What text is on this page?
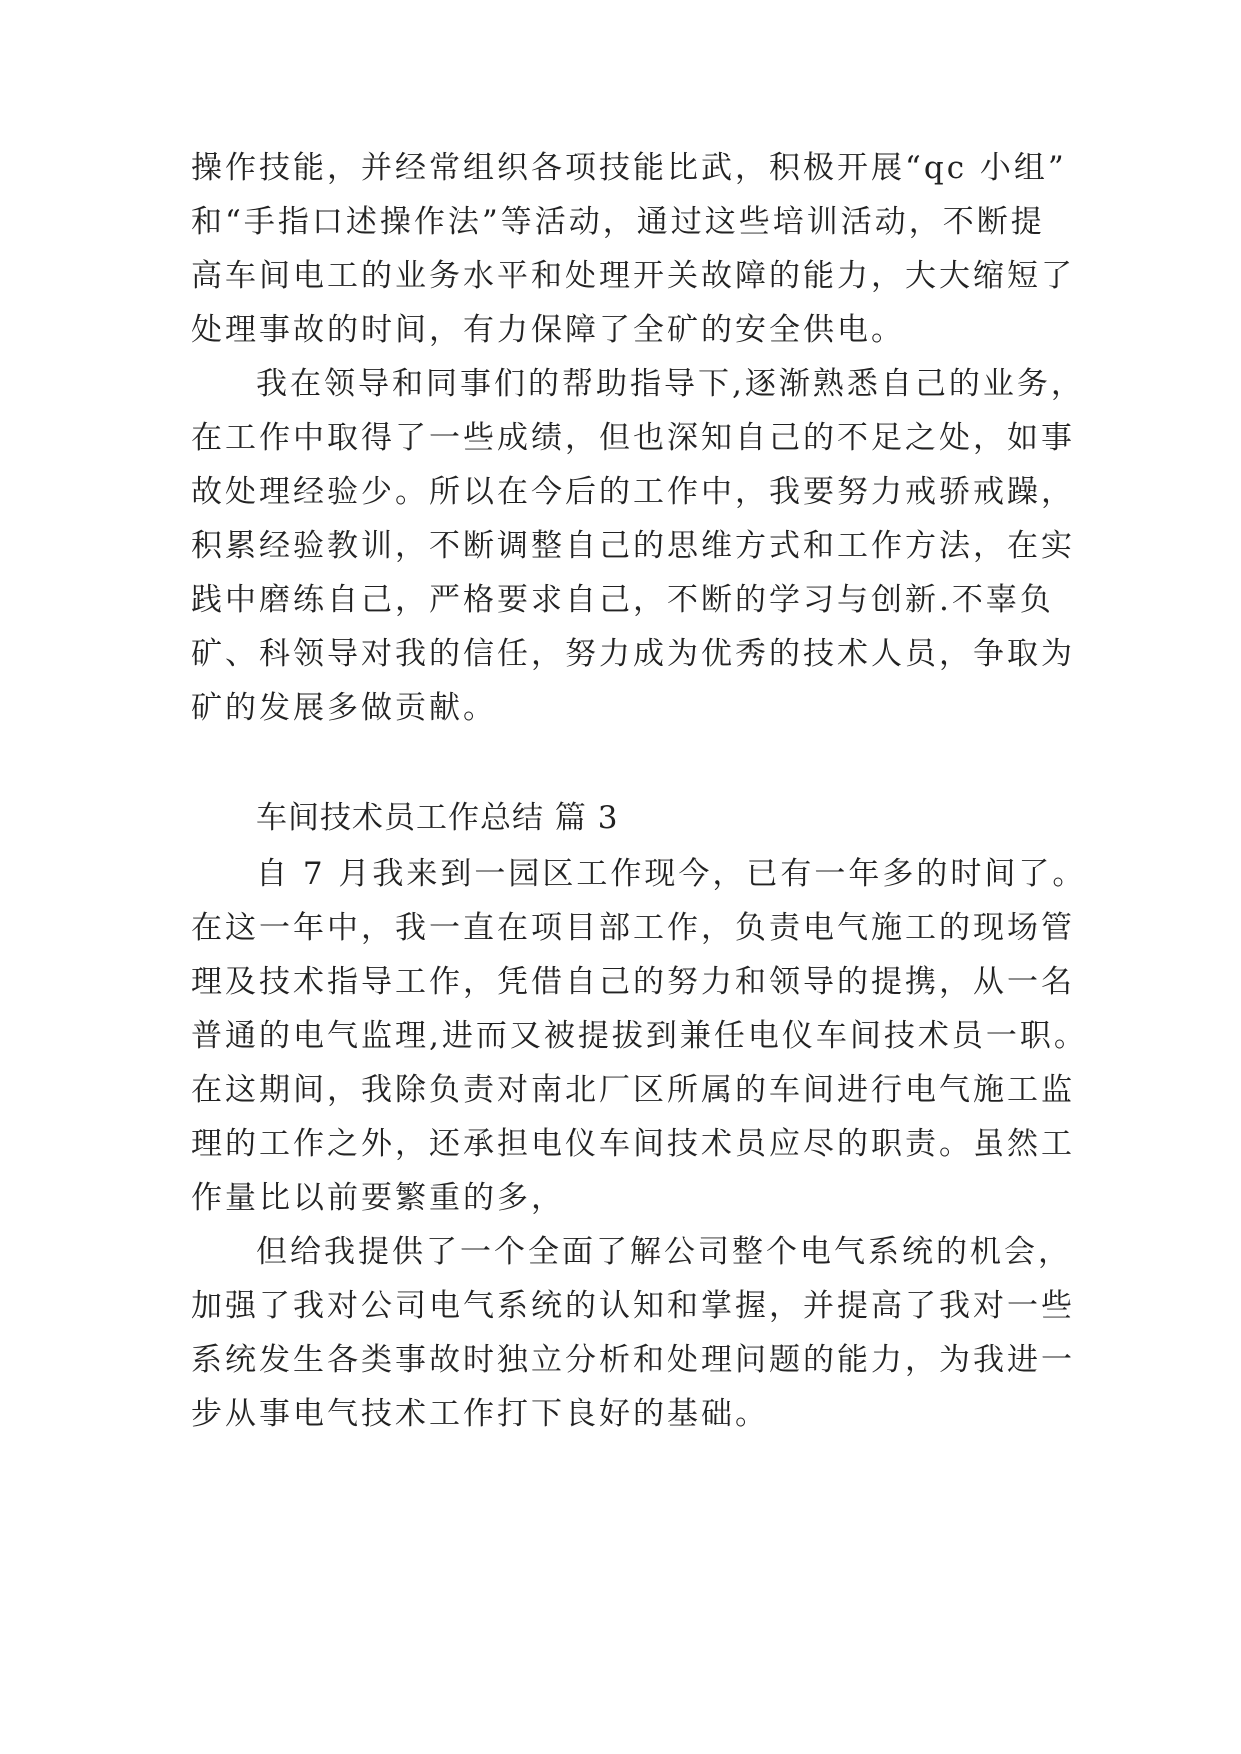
操作技能，并经常组织各项技能比武，积极开展“qc 小组”
和“手指口述操作法”等活动，通过这些培训活动，不断提
高车间电工的业务水平和处理开关故障的能力，大大缩短了
处理事故的时间，有力保障了全矿的安全供电。
我在领导和同事们的帮助指导下,逐渐熟悉自己的业务，
在工作中取得了一些成绩，但也深知自己的不足之处，如事
故处理经验少。所以在今后的工作中，我要努力戒骄戒躁，
积累经验教训，不断调整自己的思维方式和工作方法，在实
践中磨练自己，严格要求自己，不断的学习与创新.不辜负
矿、科领导对我的信任，努力成为优秀的技术人员，争取为
矿的发展多做贡献。
车间技术员工作总结 篇 3
自 7 月我来到一园区工作现今，已有一年多的时间了。
在这一年中，我一直在项目部工作，负责电气施工的现场管
理及技术指导工作，凭借自己的努力和领导的提携，从一名
普通的电气监理,进而又被提拔到兼任电仪车间技术员一职。
在这期间，我除负责对南北厂区所属的车间进行电气施工监
理的工作之外，还承担电仪车间技术员应尽的职责。虽然工
作量比以前要繁重的多，
但给我提供了一个全面了解公司整个电气系统的机会，
加强了我对公司电气系统的认知和掌握，并提高了我对一些
系统发生各类事故时独立分析和处理问题的能力，为我进一
步从事电气技术工作打下良好的基础。
